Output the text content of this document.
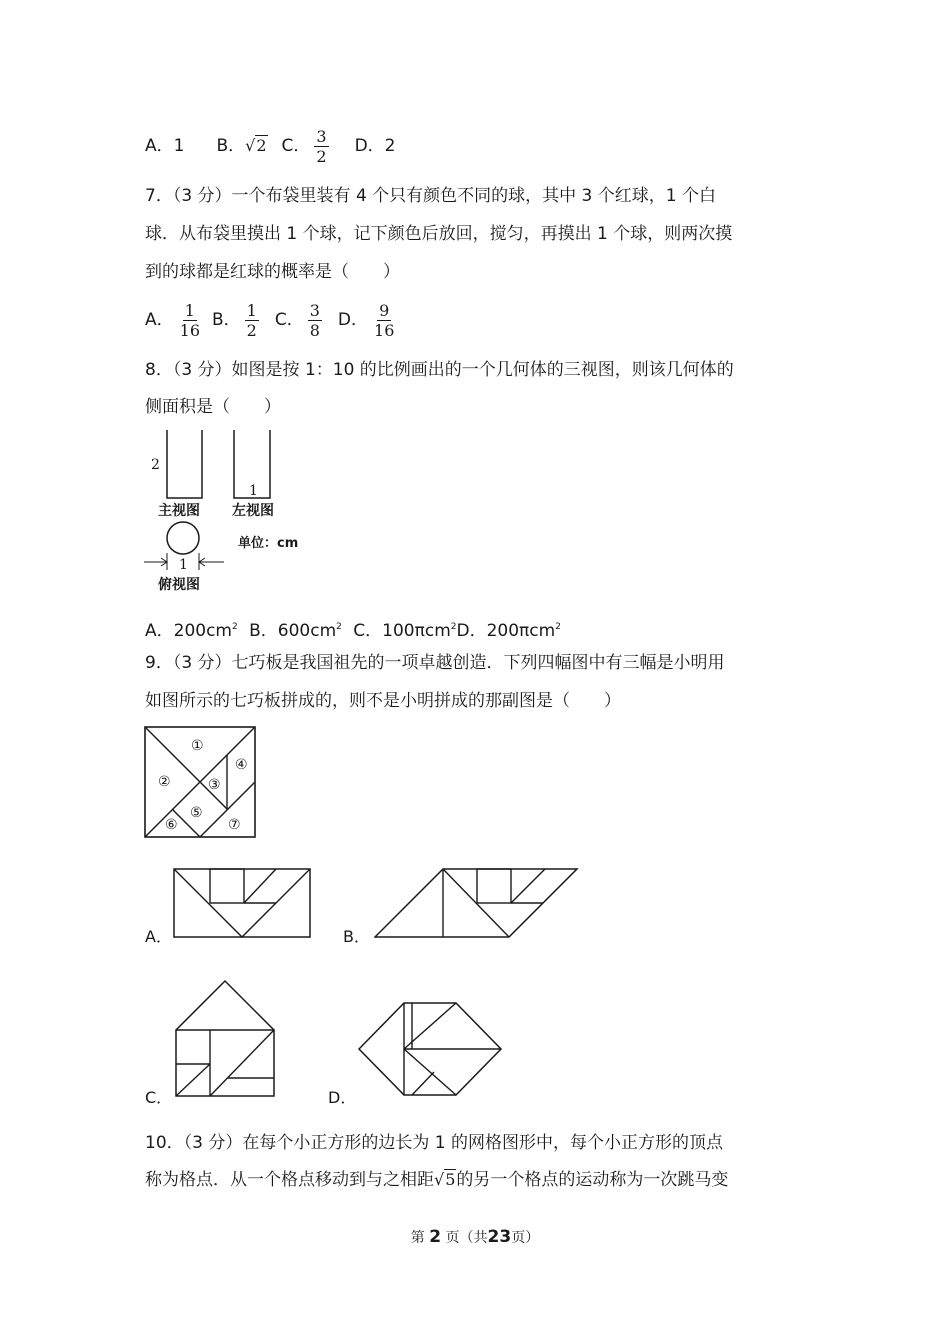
A．1 B．√2 C． $\frac{3}{2}$ D．2
7．（3 分）一个布袋里装有 4 个只有颜色不同的球，其中 3 个红球，1 个白
球．从布袋里摸出 1 个球，记下颜色后放回，搅匀，再摸出 1 个球，则两次摸
到的球都是红球的概率是（　　）
A． $\frac{1}{16}$ B． $\frac{1}{2}$ C． $\frac{3}{8}$ D． $\frac{9}{16}$
8．（3 分）如图是按 1：10 的比例画出的一个几何体的三视图，则该几何体的
侧面积是（　　）
2
1
主视图 左视图
1
俯视图
单位：cm
A．$200cm^2$ B．$600cm^2$ C．100πcm$^2$D．200πcm$^2$
9．（3 分）七巧板是我国祖先的一项卓越创造．下列四幅图中有三幅是小明用
如图所示的七巧板拼成的，则不是小明拼成的那副图是（　　）
①
②	③
④
⑤
⑥	⑦
A．	B．
C．	D．
10．（3 分）在每个小正方形的边长为 1 的网格图形中，每个小正方形的顶点
称为格点．从一个格点移动到与之相距√5的另一个格点的运动称为一次跳马变
第 2 页（共23页）
